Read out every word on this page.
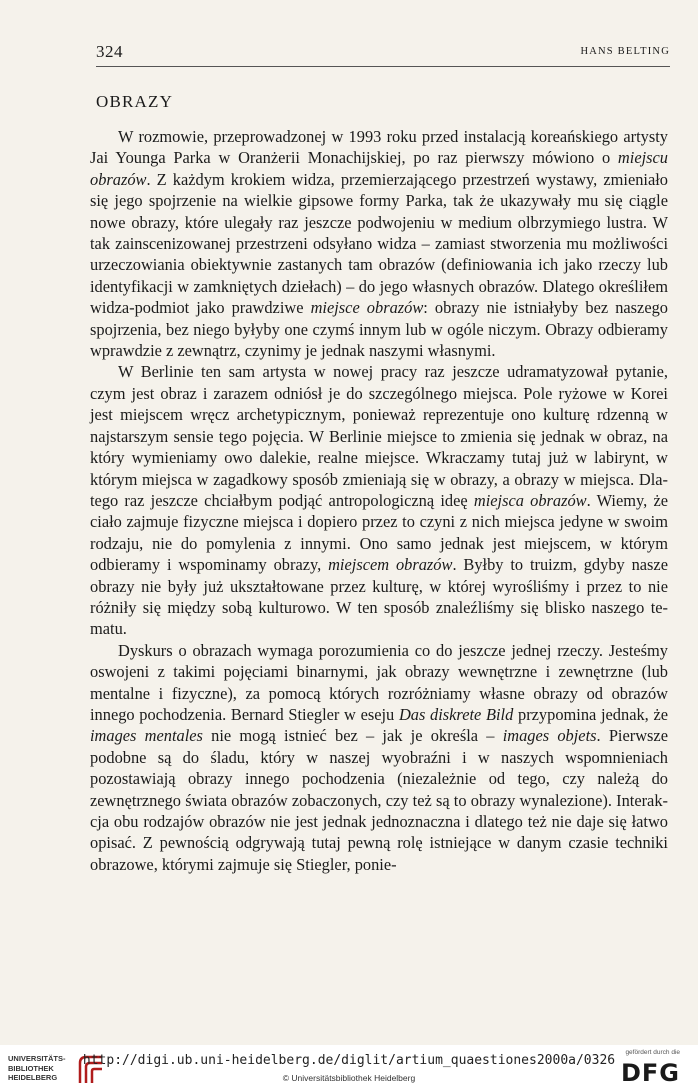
324	HANS BELTING
OBRAZY

W rozmowie, przeprowadzonej w 1993 roku przed instalacją koreańskiego artysty Jai Younga Parka w Oranżerii Monachijskiej, po raz pierwszy mówiono o miejscu obrazów. Z każdym krokiem widza, przemierzającego przestrzeń wystawy, zmieniało się jego spojrzenie na wielkie gipsowe formy Parka, tak że ukazywały mu się ciągle nowe obrazy, które ulegały raz jeszcze podwojeniu w medium olbrzymiego lustra. W tak zainscenizowanej przestrzeni odsyłano widza – zamiast stworzenia mu możliwości urzeczowiania obiektywnie zastanych tam obrazów (definiowania ich jako rzeczy lub identyfikacji w zamkniętych dziełach) – do jego własnych obrazów. Dlatego określiłem widza-podmiot jako prawdziwe miejsce obrazów: obrazy nie istniałyby bez naszego spojrzenia, bez niego byłyby one czymś innym lub w ogóle niczym. Obrazy odbieramy wprawdzie z zewnątrz, czynimy je jednak naszymi własnymi.

W Berlinie ten sam artysta w nowej pracy raz jeszcze udramatyzował pytanie, czym jest obraz i zarazem odniósł je do szczególnego miejsca. Pole ryżowe w Korei jest miejscem wręcz archetypicznym, ponieważ reprezentuje ono kulturę rdzenną w najstarszym sensie tego pojęcia. W Berlinie miejsce to zmienia się jednak w obraz, na który wymieniamy owo dalekie, realne miejsce. Wkraczamy tutaj już w labirynt, w którym miejsca w zagadkowy sposób zmieniają się w obrazy, a obrazy w miejsca. Dlatego raz jeszcze chciałbym podjąć antropologiczną ideę miejsca obrazów. Wiemy, że ciało zajmuje fizyczne miejsca i dopiero przez to czyni z nich miejsca jedyne w swoim rodzaju, nie do pomylenia z innymi. Ono samo jednak jest miejscem, w którym odbieramy i wspominamy obrazy, miejscem obrazów. Byłby to truizm, gdyby nasze obrazy nie były już ukształtowane przez kulturę, w której wyrośliśmy i przez to nie różniły się między sobą kulturowo. W ten sposób znaleźliśmy się blisko naszego tematu.

Dyskurs o obrazach wymaga porozumienia co do jeszcze jednej rzeczy. Jesteśmy oswojeni z takimi pojęciami binarnymi, jak obrazy wewnętrzne i zewnętrzne (lub mentalne i fizyczne), za pomocą których rozróżniamy własne obrazy od obrazów innego pochodzenia. Bernard Stiegler w eseju Das diskrete Bild przypomina jednak, że images mentales nie mogą istnieć bez – jak je określa – images objets. Pierwsze podobne są do śladu, który w naszej wyobraźni i w naszych wspomnieniach pozostawiają obrazy innego pochodzenia (niezależnie od tego, czy należą do zewnętrznego świata obrazów zobaczonych, czy też są to obrazy wynalezione). Interakcja obu rodzajów obrazów nie jest jednak jednoznaczna i dlatego też nie daje się łatwo opisać. Z pewnością odgrywają tutaj pewną rolę istniejące w danym czasie techniki obrazowe, którymi zajmuje się Stiegler, ponie-

UNIVERSITÄTS-
BIBLIOTHEK
HEIDELBERG
http://digi.ub.uni-heidelberg.de/diglit/artium_quaestiones2000a/0326
© Universitätsbibliothek Heidelberg
gefördert durch die
DFG
